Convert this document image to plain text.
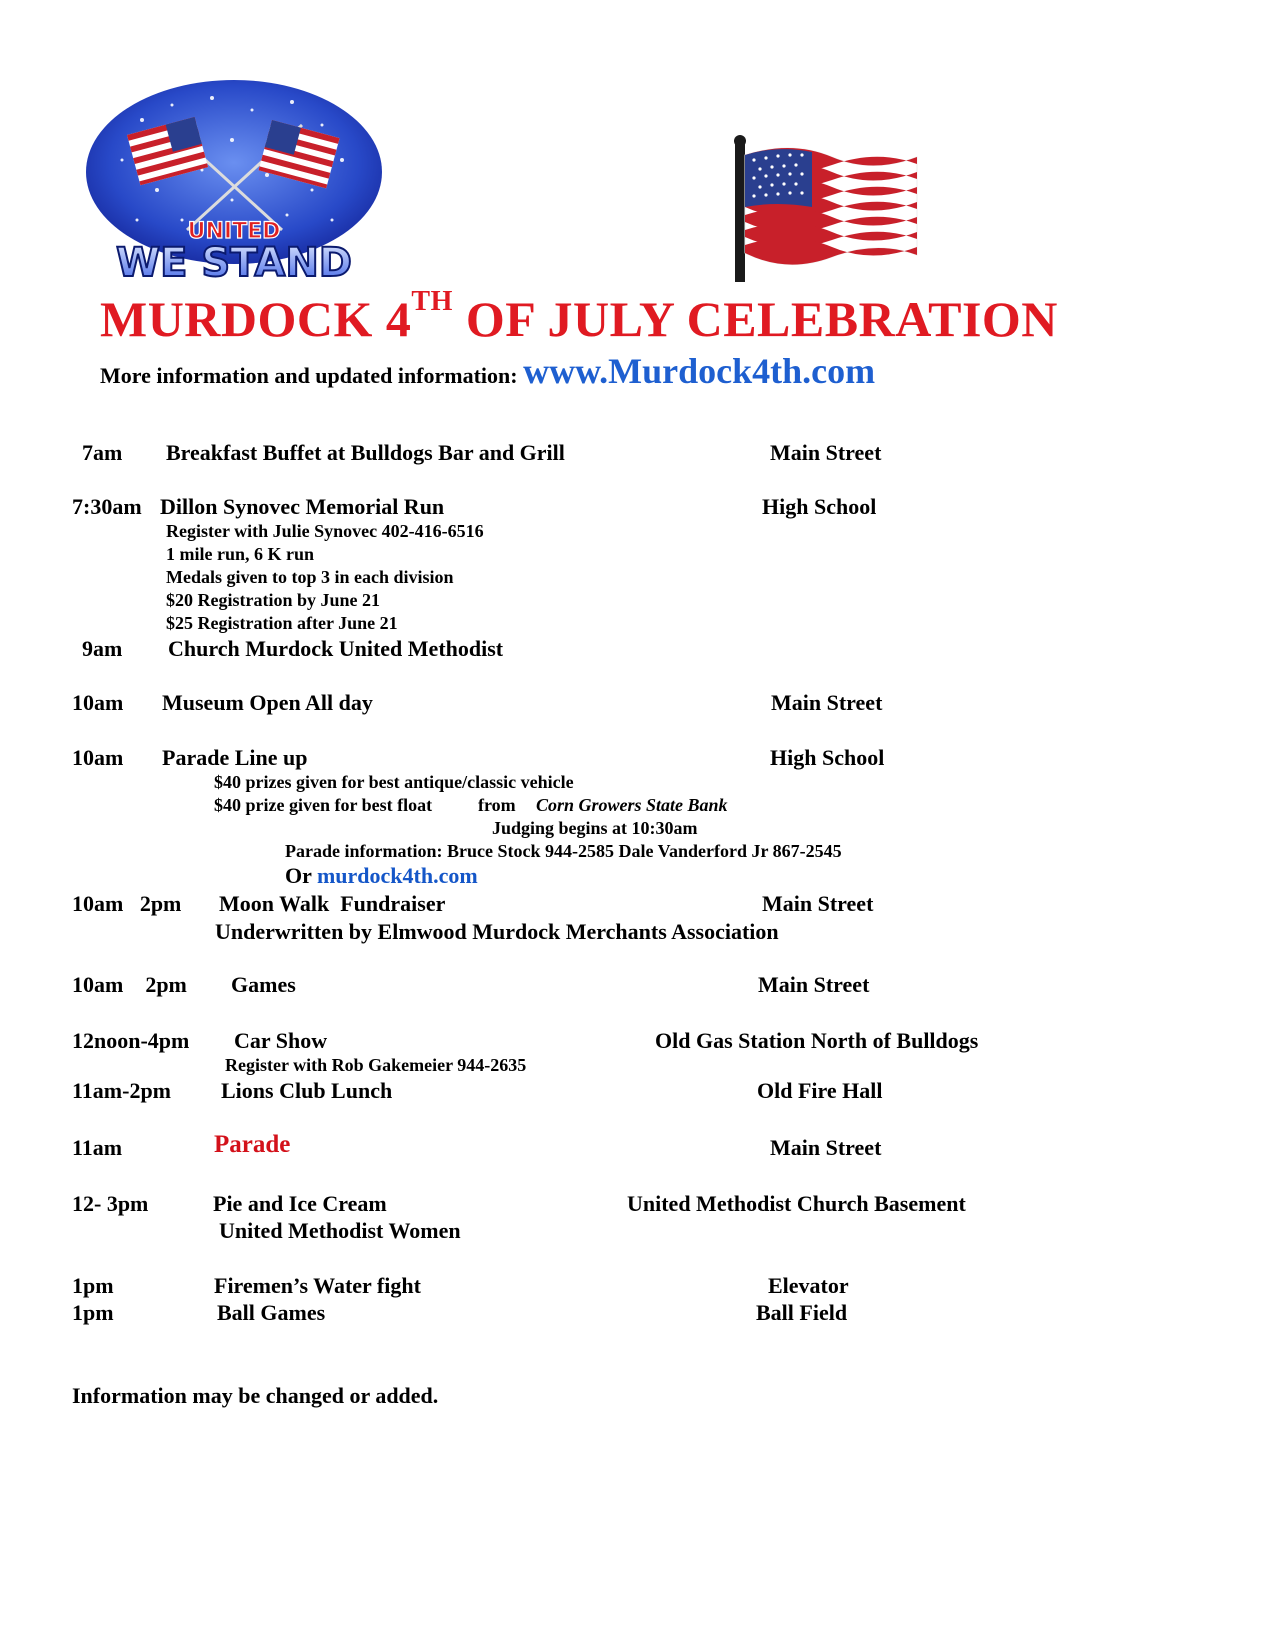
UNITED
WE STAND
MURDOCK 4TH OF JULY CELEBRATION
More information and updated information: www.Murdock4th.com
7am Breakfast Buffet at Bulldogs Bar and Grill	Main Street
7:30am Dillon Synovec Memorial Run	High School
Register with Julie Synovec 402-416-6516
1 mile run, 6 K run
Medals given to top 3 in each division
$20 Registration by June 21
$25 Registration after June 21
9am Church Murdock United Methodist
10am Museum Open All day	Main Street
10am Parade Line up	High School
$40 prizes given for best antique/classic vehicle
$40 prize given for best float	from Corn Growers State Bank
Judging begins at 10:30am
Parade information: Bruce Stock 944-2585 Dale Vanderford Jr 867-2545
Or murdock4th.com
10am   2pm Moon Walk  Fundraiser	Main Street
Underwritten by Elmwood Murdock Merchants Association
10am    2pm Games	Main Street
12noon-4pm Car Show	Old Gas Station North of Bulldogs
Register with Rob Gakemeier 944-2635
11am-2pm Lions Club Lunch	Old Fire Hall
11am	Parade	Main Street
12- 3pm	Pie and Ice Cream	United Methodist Church Basement
United Methodist Women
1pm	Firemen’s Water fight	Elevator
1pm	Ball Games	Ball Field
Information may be changed or added.
